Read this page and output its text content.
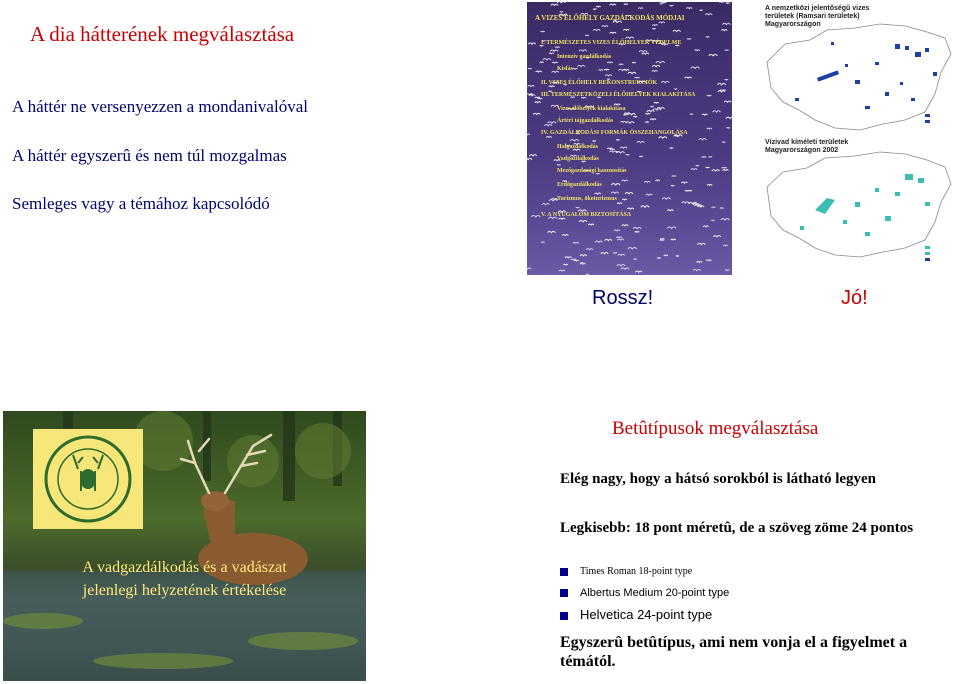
A dia hátterének megválasztása
A háttér ne versenyezzen a mondanivalóval
A háttér egyszerû és nem túl mozgalmas
Semleges vagy a témához kapcsolódó
A VIZES ÉLŐHELY GAZDÁLKODÁS MÓDJAI
I. TERMÉSZETES VIZES ÉLŐHELYEK VÉDELME
Intenzív gazdálkodás
Kisfás
II. VIZES ÉLŐHELY REKONSTRUKCIÓK
III. TERMÉSZETKÖZELI ÉLŐHELYEK KIALAKÍTÁSA
Vizes élőhelyek kialakítása
Ártéri tájgazdálkodás
IV. GAZDÁLKODÁSI FORMÁK ÖSSZEHANGOLÁSA
Halgazdálkodás
Vadgazdálkodás
Mezőgazdasági hasznosítás
Erdőgazdálkodás
Turizmus, ökoturizmus
V. A NYUGALOM BIZTOSÍTÁSA
A nemzetközi jelentőségű vizes
területek (Ramsari területek)
Magyarországon
Vízivad kíméleti területek
Magyarországon 2002
Rossz!	Jó!
A vadgazdálkodás és a vadászat
jelenlegi helyzetének értékelése
Betûtípusok megválasztása
Elég nagy, hogy a hátsó sorokból is látható legyen
Legkisebb: 18 pont méretû, de a szöveg zöme 24 pontos
Times Roman 18-point type
Albertus Medium 20-point type
Helvetica 24-point type
Egyszerû betûtípus, ami nem vonja el a figyelmet a témától.
